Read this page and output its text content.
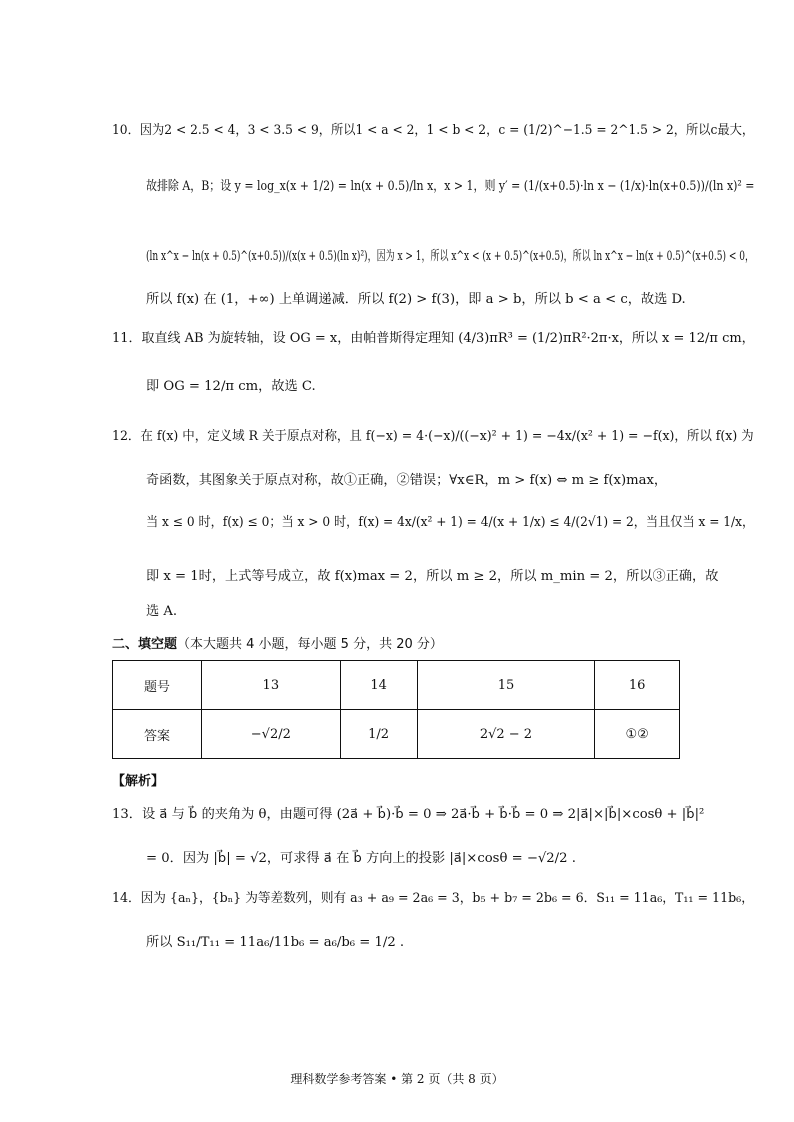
10．因为2 < 2.5 < 4，3 < 3.5 < 9，所以1 < a < 2，1 < b < 2，c = (1/2)^−1.5 = 2^1.5 > 2，所以c最大，
故排除 A，B；设 y = log_x(x + 1/2) = ln(x + 0.5)/ln x，x > 1，则 y′ = (1/(x+0.5)·ln x − (1/x)·ln(x+0.5))/(ln x)² =
(ln x^x − ln(x + 0.5)^(x+0.5))/(x(x + 0.5)(ln x)²)，因为 x > 1，所以 x^x < (x + 0.5)^(x+0.5)，所以 ln x^x − ln(x + 0.5)^(x+0.5) < 0，
所以 f(x) 在 (1，+∞) 上单调递减．所以 f(2) > f(3)，即 a > b，所以 b < a < c，故选 D.
11．取直线 AB 为旋转轴，设 OG = x，由帕普斯得定理知 (4/3)πR³ = (1/2)πR²·2π·x，所以 x = 12/π cm，
即 OG = 12/π cm，故选 C.
12．在 f(x) 中，定义域 R 关于原点对称，且 f(−x) = 4·(−x)/((−x)² + 1) = −4x/(x² + 1) = −f(x)，所以 f(x) 为
奇函数，其图象关于原点对称，故①正确，②错误；∀x∈R，m > f(x) ⇔ m ≥ f(x)max，
当 x ≤ 0 时，f(x) ≤ 0；当 x > 0 时，f(x) = 4x/(x² + 1) = 4/(x + 1/x) ≤ 4/(2√1) = 2，当且仅当 x = 1/x，
即 x = 1时，上式等号成立，故 f(x)max = 2，所以 m ≥ 2，所以 m_min = 2，所以③正确，故
选 A.
二、填空题（本大题共 4 小题，每小题 5 分，共 20 分）
题号	13	14	15	16
答案	−√2/2	1/2	2√2 − 2	①②
【解析】
13．设 a⃗ 与 b⃗ 的夹角为 θ，由题可得 (2a⃗ + b⃗)·b⃗ = 0 ⇒ 2a⃗·b⃗ + b⃗·b⃗ = 0 ⇒ 2|a⃗|×|b⃗|×cosθ + |b⃗|²
= 0．因为 |b⃗| = √2，可求得 a⃗ 在 b⃗ 方向上的投影 |a⃗|×cosθ = −√2/2 .
14．因为 {aₙ}，{bₙ} 为等差数列，则有 a₃ + a₉ = 2a₆ = 3，b₅ + b₇ = 2b₆ = 6．S₁₁ = 11a₆，T₁₁ = 11b₆，
所以 S₁₁/T₁₁ = 11a₆/11b₆ = a₆/b₆ = 1/2 .
理科数学参考答案 • 第 2 页（共 8 页）
